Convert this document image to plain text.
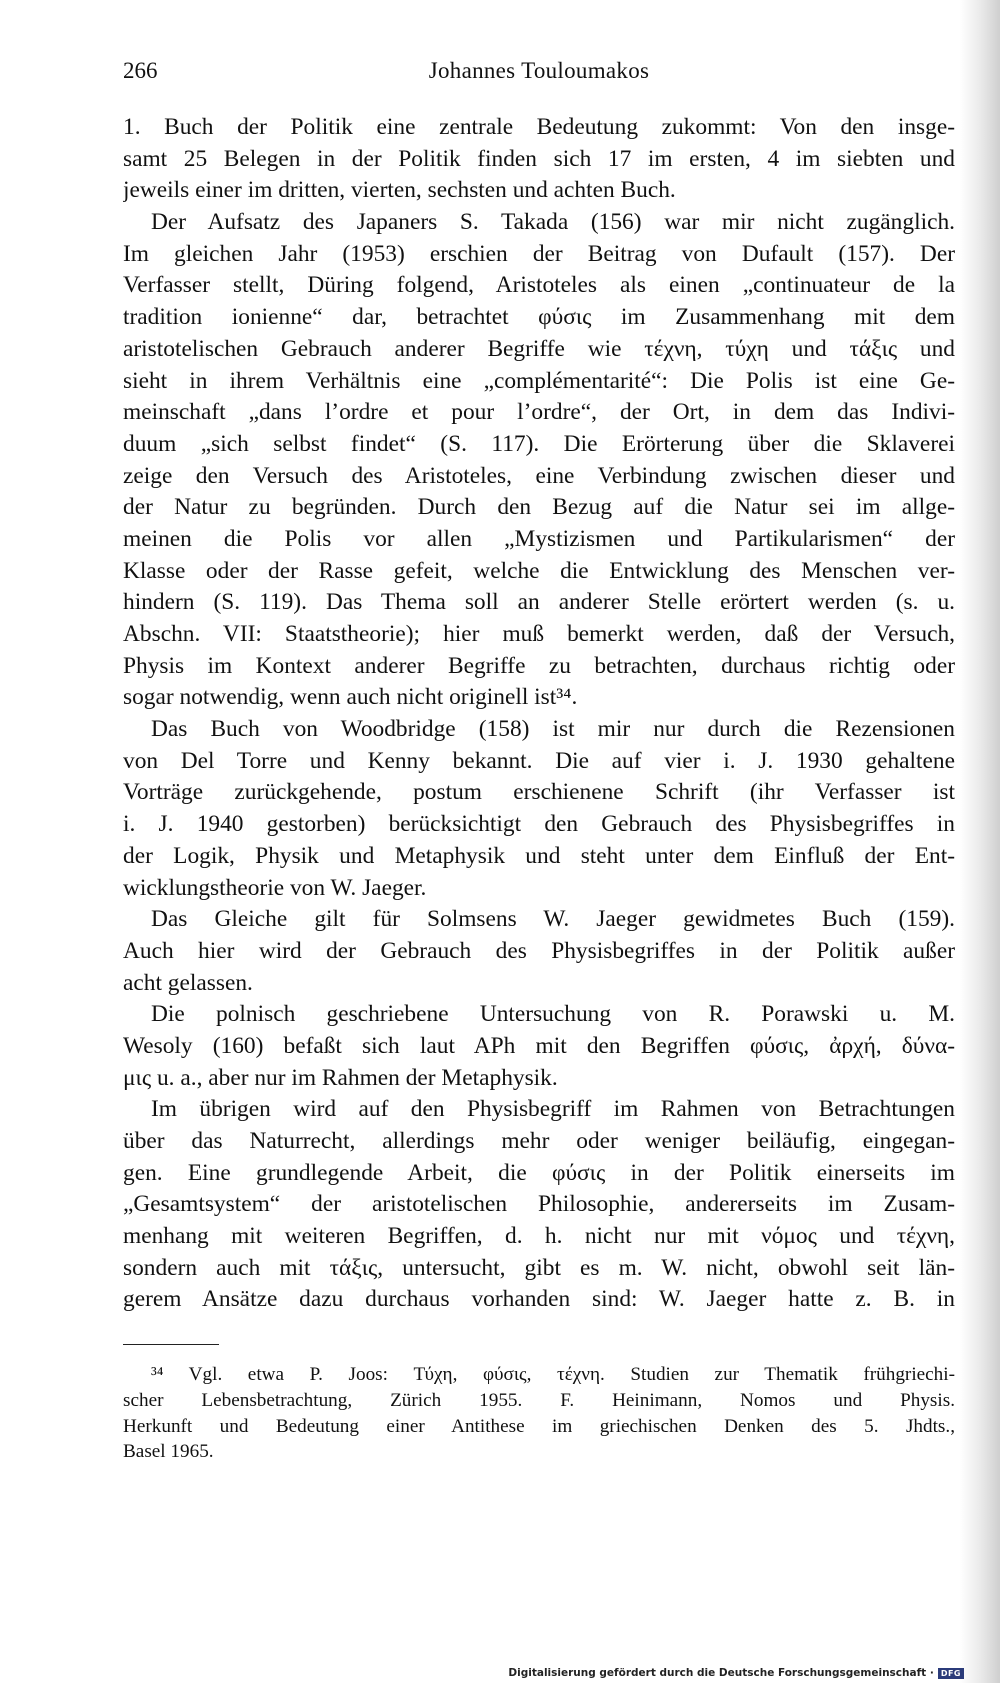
266	Johannes Touloumakos
1. Buch der Politik eine zentrale Bedeutung zukommt: Von den insge-
samt 25 Belegen in der Politik finden sich 17 im ersten, 4 im siebten und
jeweils einer im dritten, vierten, sechsten und achten Buch.
Der Aufsatz des Japaners S. Takada (156) war mir nicht zugänglich.
Im gleichen Jahr (1953) erschien der Beitrag von Dufault (157). Der
Verfasser stellt, Düring folgend, Aristoteles als einen „continuateur de la
tradition ionienne“ dar, betrachtet φύσις im Zusammenhang mit dem
aristotelischen Gebrauch anderer Begriffe wie τέχνη, τύχη und τάξις und
sieht in ihrem Verhältnis eine „complémentarité“: Die Polis ist eine Ge-
meinschaft „dans l’ordre et pour l’ordre“, der Ort, in dem das Indivi-
duum „sich selbst findet“ (S. 117). Die Erörterung über die Sklaverei
zeige den Versuch des Aristoteles, eine Verbindung zwischen dieser und
der Natur zu begründen. Durch den Bezug auf die Natur sei im allge-
meinen die Polis vor allen „Mystizismen und Partikularismen“ der
Klasse oder der Rasse gefeit, welche die Entwicklung des Menschen ver-
hindern (S. 119). Das Thema soll an anderer Stelle erörtert werden (s. u.
Abschn. VII: Staatstheorie); hier muß bemerkt werden, daß der Versuch,
Physis im Kontext anderer Begriffe zu betrachten, durchaus richtig oder
sogar notwendig, wenn auch nicht originell ist³⁴.
Das Buch von Woodbridge (158) ist mir nur durch die Rezensionen
von Del Torre und Kenny bekannt. Die auf vier i. J. 1930 gehaltene
Vorträge zurückgehende, postum erschienene Schrift (ihr Verfasser ist
i. J. 1940 gestorben) berücksichtigt den Gebrauch des Physisbegriffes in
der Logik, Physik und Metaphysik und steht unter dem Einfluß der Ent-
wicklungstheorie von W. Jaeger.
Das Gleiche gilt für Solmsens W. Jaeger gewidmetes Buch (159).
Auch hier wird der Gebrauch des Physisbegriffes in der Politik außer
acht gelassen.
Die polnisch geschriebene Untersuchung von R. Porawski u. M.
Wesoly (160) befaßt sich laut APh mit den Begriffen φύσις, ἀρχή, δύνα-
μις u. a., aber nur im Rahmen der Metaphysik.
Im übrigen wird auf den Physisbegriff im Rahmen von Betrachtungen
über das Naturrecht, allerdings mehr oder weniger beiläufig, eingegan-
gen. Eine grundlegende Arbeit, die φύσις in der Politik einerseits im
„Gesamtsystem“ der aristotelischen Philosophie, andererseits im Zusam-
menhang mit weiteren Begriffen, d. h. nicht nur mit νόμος und τέχνη,
sondern auch mit τάξις, untersucht, gibt es m. W. nicht, obwohl seit län-
gerem Ansätze dazu durchaus vorhanden sind: W. Jaeger hatte z. B. in
³⁴ Vgl. etwa P. Joos: Τύχη, φύσις, τέχνη. Studien zur Thematik frühgriechi-
scher Lebensbetrachtung, Zürich 1955. F. Heinimann, Nomos und Physis.
Herkunft und Bedeutung einer Antithese im griechischen Denken des 5. Jhdts.,
Basel 1965.
Digitalisierung gefördert durch die Deutsche Forschungsgemeinschaft · DFG
